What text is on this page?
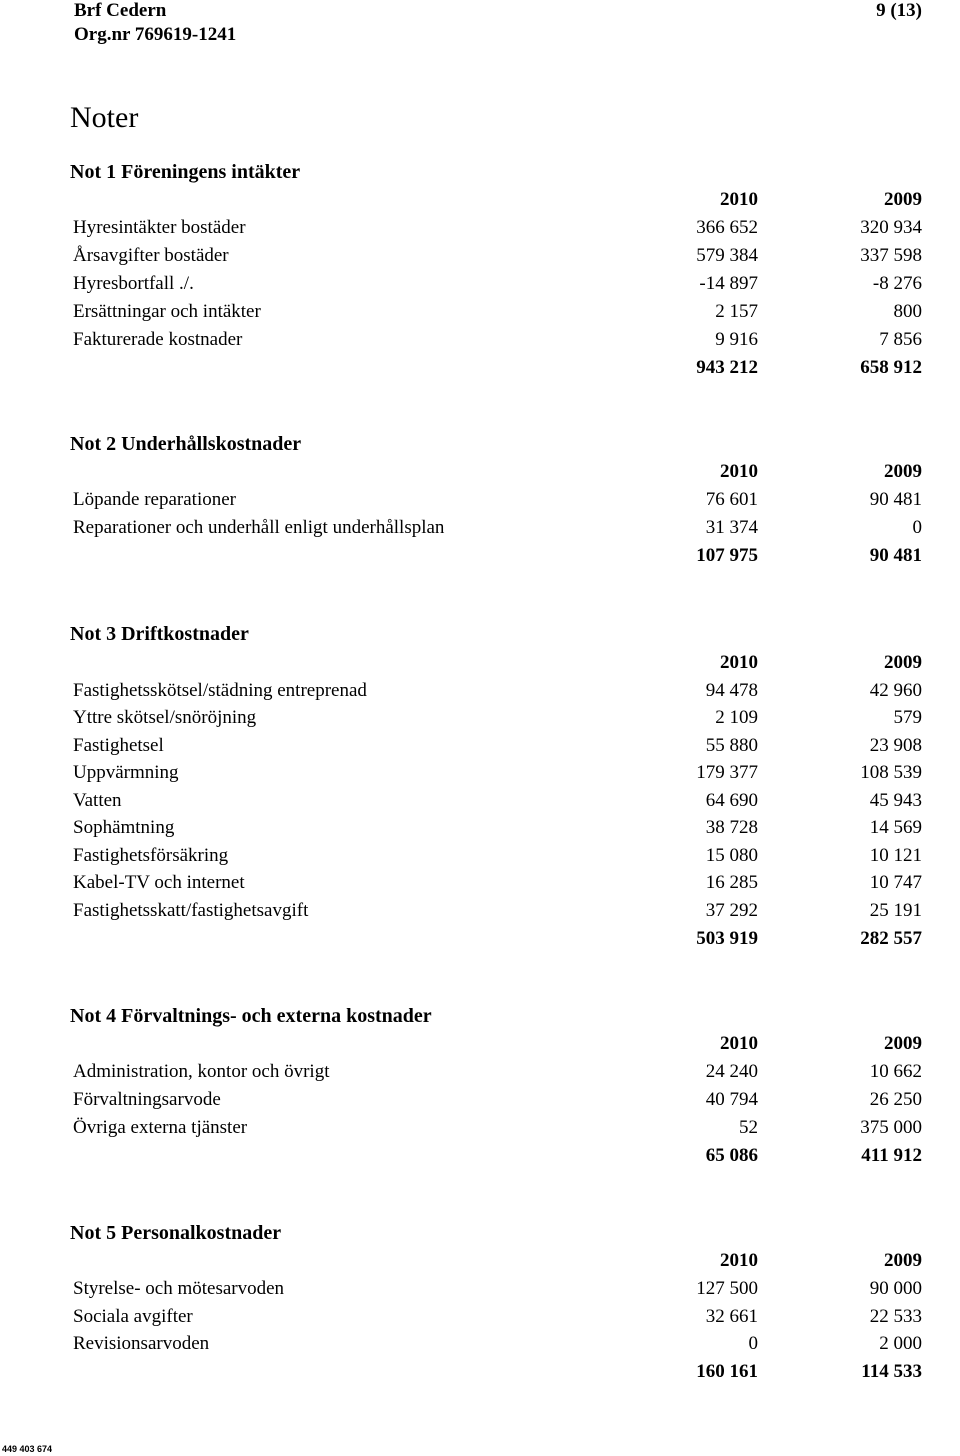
Brf Cedern
Org.nr 769619-1241
9 (13)
Noter
Not 1 Föreningens intäkter
2010	2009
Hyresintäkter bostäder	366 652	320 934
Årsavgifter bostäder	579 384	337 598
Hyresbortfall ./.	-14 897	-8 276
Ersättningar och intäkter	2 157	800
Fakturerade kostnader	9 916	7 856
943 212	658 912
Not 2 Underhållskostnader
2010	2009
Löpande reparationer	76 601	90 481
Reparationer och underhåll enligt underhållsplan	31 374	0
107 975	90 481
Not 3 Driftkostnader
2010	2009
Fastighetsskötsel/städning entreprenad	94 478	42 960
Yttre skötsel/snöröjning	2 109	579
Fastighetsel	55 880	23 908
Uppvärmning	179 377	108 539
Vatten	64 690	45 943
Sophämtning	38 728	14 569
Fastighetsförsäkring	15 080	10 121
Kabel-TV och internet	16 285	10 747
Fastighetsskatt/fastighetsavgift	37 292	25 191
503 919	282 557
Not 4 Förvaltnings- och externa kostnader
2010	2009
Administration, kontor och övrigt	24 240	10 662
Förvaltningsarvode	40 794	26 250
Övriga externa tjänster	52	375 000
65 086	411 912
Not 5 Personalkostnader
2010	2009
Styrelse- och mötesarvoden	127 500	90 000
Sociala avgifter	32 661	22 533
Revisionsarvoden	0	2 000
160 161	114 533
449 403 674
